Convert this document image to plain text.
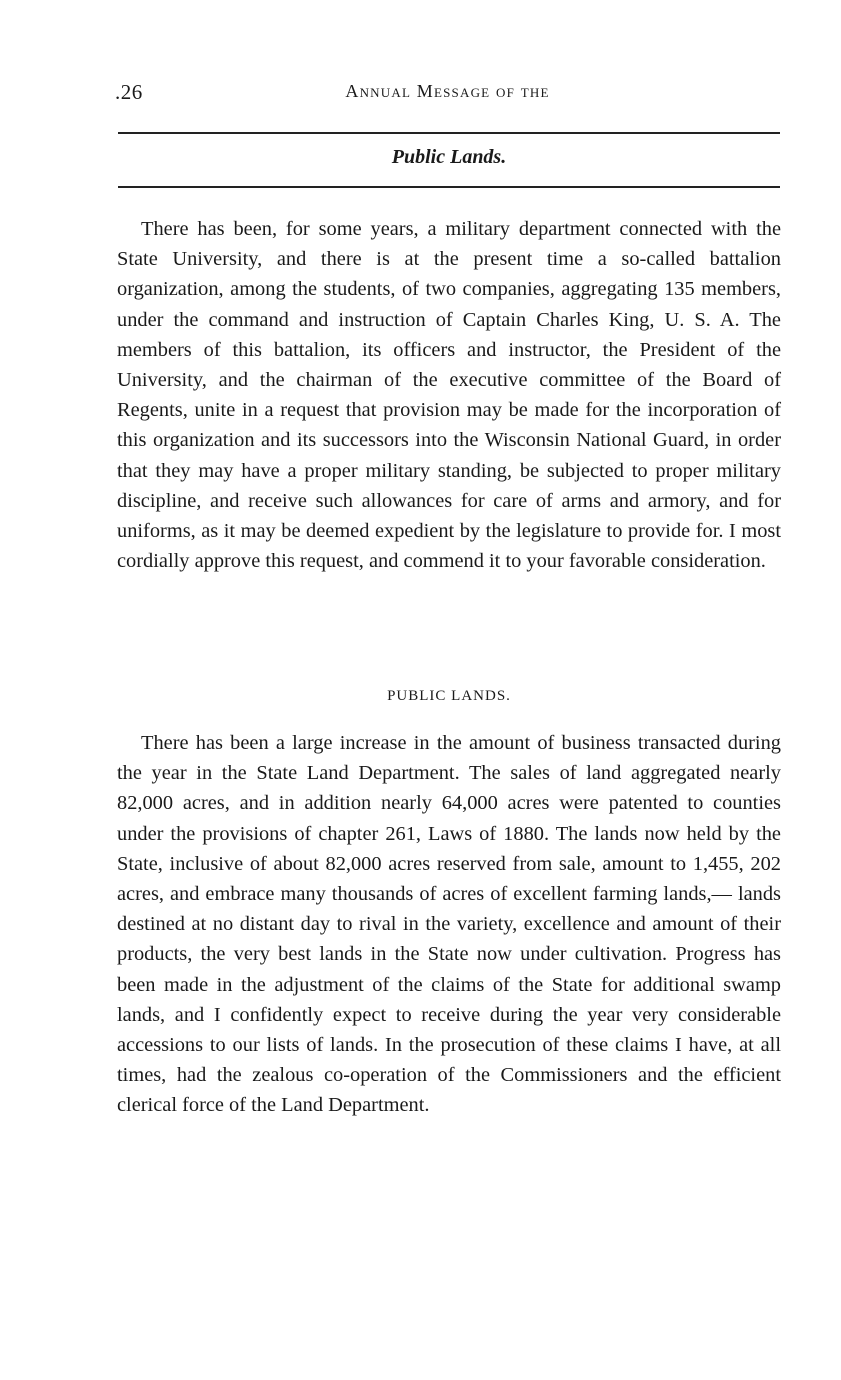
.26	Annual Message of the
Public Lands.

There has been, for some years, a military department connected with the State University, and there is at the present time a so-called battalion organization, among the students, of two companies, aggregating 135 members, under the command and instruction of Captain Charles King, U. S. A. The members of this battalion, its officers and instructor, the President of the University, and the chairman of the executive committee of the Board of Regents, unite in a request that provision may be made for the incorporation of this organization and its successors into the Wisconsin National Guard, in order that they may have a proper military standing, be subjected to proper military discipline, and receive such allowances for care of arms and armory, and for uniforms, as it may be deemed expedient by the legislature to provide for. I most cordially approve this request, and commend it to your favorable consideration.

PUBLIC LANDS.

There has been a large increase in the amount of business transacted during the year in the State Land Department. The sales of land aggregated nearly 82,000 acres, and in addition nearly 64,000 acres were patented to counties under the provisions of chapter 261, Laws of 1880. The lands now held by the State, inclusive of about 82,000 acres reserved from sale, amount to 1,455, 202 acres, and embrace many thousands of acres of excellent farming lands,— lands destined at no distant day to rival in the variety, excellence and amount of their products, the very best lands in the State now under cultivation. Progress has been made in the adjustment of the claims of the State for additional swamp lands, and I confidently expect to receive during the year very considerable accessions to our lists of lands. In the prosecution of these claims I have, at all times, had the zealous co-operation of the Commissioners and the efficient clerical force of the Land Department.
